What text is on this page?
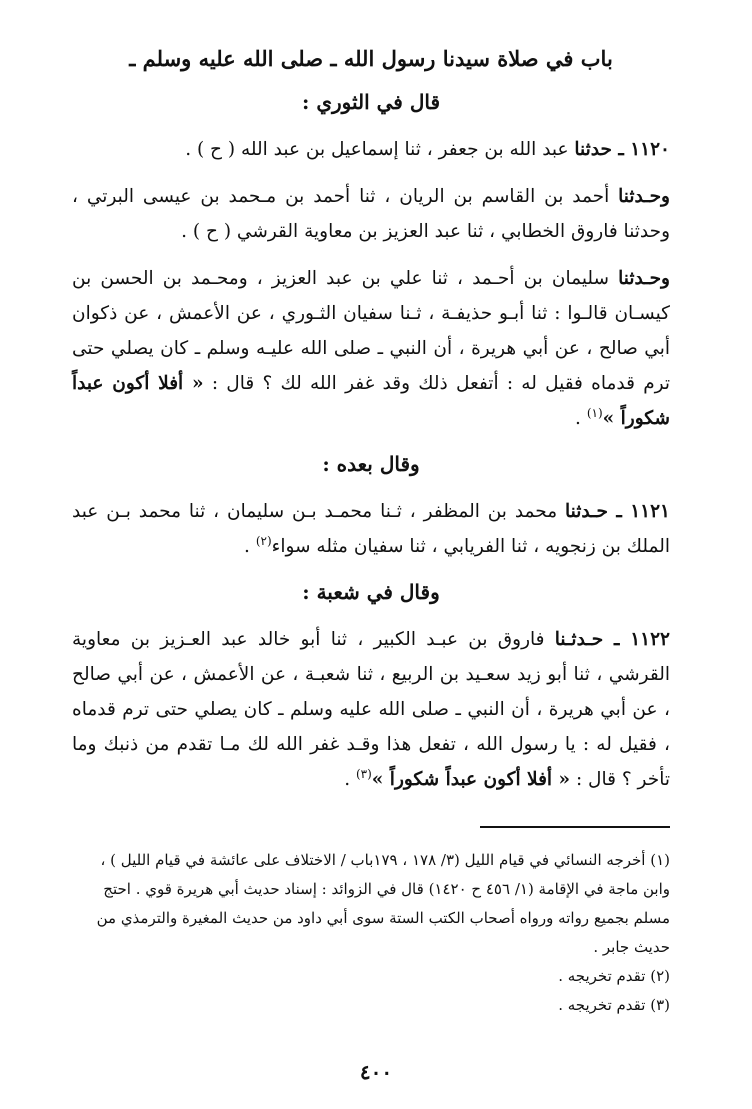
باب في صلاة سيدنا رسول الله ـ صلى الله عليه وسلم ـ
قال في الثوري :

١١٢٠ ـ حدثنا عبد الله بن جعفر ، ثنا إسماعيل بن عبد الله ( ح ) .

وحـدثنا أحمد بن القاسم بن الريان ، ثنا أحمد بن مـحمد بن عيسى البرتي ، وحدثنا فاروق الخطابي ، ثنا عبد العزيز بن معاوية القرشي ( ح ) .

وحـدثنا سليمان بن أحـمد ، ثنا علي بن عبد العزيز ، ومحـمد بن الحسن بن كيسـان قالـوا : ثنا أبـو حذيفـة ، ثـنا سفيان الثـوري ، عن الأعمش ، عن ذكوان أبي صالح ، عن أبي هريرة ، أن النبي ـ صلى الله عليـه وسلم ـ كان يصلي حتى ترم قدماه فقيل له : أتفعل ذلك وقد غفر الله لك ؟ قال : « أفلا أكون عبداً شكوراً »$^{(١)}$ .

وقال بعده :

١١٢١ ـ حـدثنا محمد بن المظفر ، ثـنا محمـد بـن سليمان ، ثنا محمد بـن عبد الملك بن زنجويه ، ثنا الفريابي ، ثنا سفيان مثله سواء$^{(٢)}$ .

وقال في شعبة :

١١٢٢ ـ حـدثـنا فاروق بن عبـد الكبير ، ثنا أبو خالد عبد العـزيز بن معاوية القرشي ، ثنا أبو زيد سعـيد بن الربيع ، ثنا شعبـة ، عن الأعمش ، عن أبي صالح ، عن أبي هريرة ، أن النبي ـ صلى الله عليه وسلم ـ كان يصلي حتى ترم قدماه ، فقيل له : يا رسول الله ، تفعل هذا وقـد غفر الله لك مـا تقدم من ذنبك وما تأخر ؟ قال : « أفلا أكون عبداً شكوراً »$^{(٣)}$ .

(١) أخرجه النسائي في قيام الليل (٣/ ١٧٨ ، ١٧٩باب / الاختلاف على عائشة في قيام الليل ) ، وابن ماجة في الإقامة (١/ ٤٥٦ ح ١٤٢٠) قال في الزوائد : إسناد حديث أبي هريرة قوي . احتج مسلم بجميع رواته ورواه أصحاب الكتب الستة سوى أبي داود من حديث المغيرة والترمذي من حديث جابر .

(٢) تقدم تخريجه .

(٣) تقدم تخريجه .

٤٠٠
